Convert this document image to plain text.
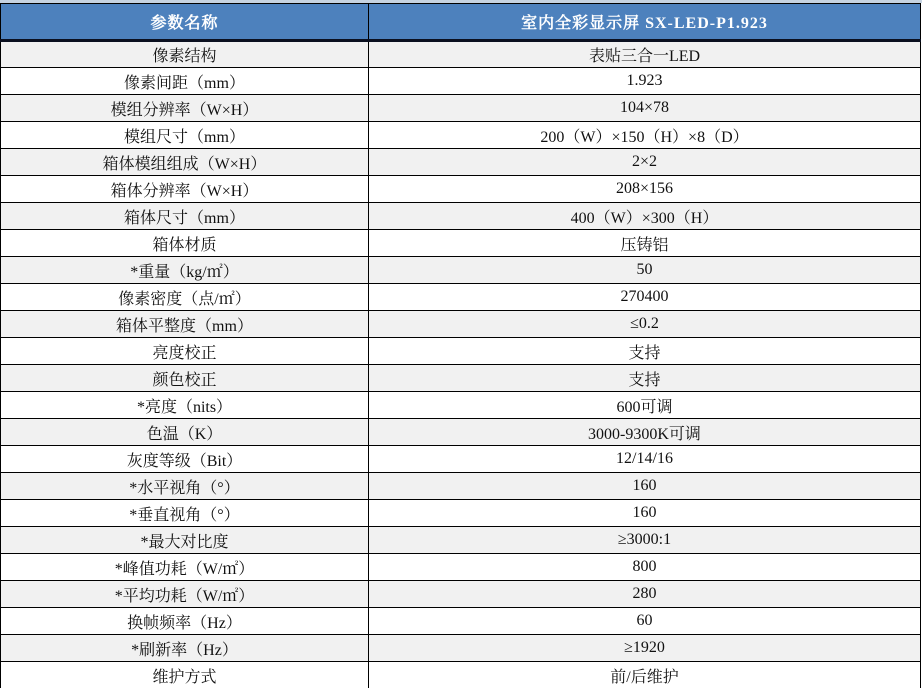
参数名称	室内全彩显示屏 SX-LED-P1.923
像素结构	表贴三合一LED
像素间距（mm）	1.923
模组分辨率（W×H）	104×78
模组尺寸（mm）	200（W）×150（H）×8（D）
箱体模组组成（W×H）	2×2
箱体分辨率（W×H）	208×156
箱体尺寸（mm）	400（W）×300（H）
箱体材质	压铸铝
*重量（kg/㎡）	50
像素密度（点/㎡）	270400
箱体平整度（mm）	≤0.2
亮度校正	支持
颜色校正	支持
*亮度（nits）	600可调
色温（K）	3000-9300K可调
灰度等级（Bit）	12/14/16
*水平视角（°）	160
*垂直视角（°）	160
*最大对比度	≥3000:1
*峰值功耗（W/㎡）	800
*平均功耗（W/㎡）	280
换帧频率（Hz）	60
*刷新率（Hz）	≥1920
维护方式	前/后维护
